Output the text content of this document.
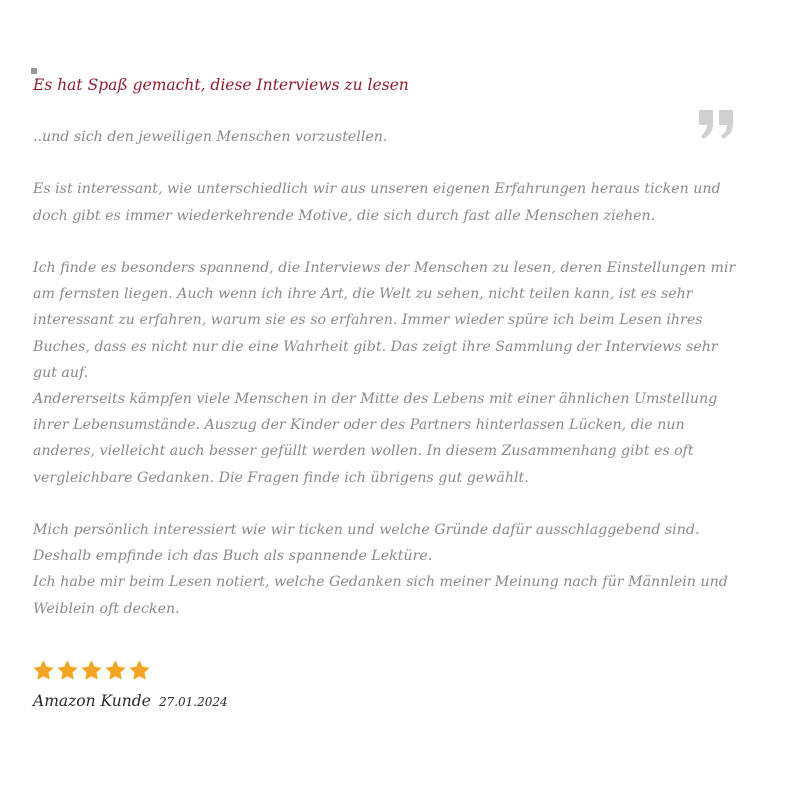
Es hat Spaß gemacht, diese Interviews zu lesen

..und sich den jeweiligen Menschen vorzustellen.

Es ist interessant, wie unterschiedlich wir aus unseren eigenen Erfahrungen heraus ticken und

doch gibt es immer wiederkehrende Motive, die sich durch fast alle Menschen ziehen.

Ich finde es besonders spannend, die Interviews der Menschen zu lesen, deren Einstellungen mir

am fernsten liegen. Auch wenn ich ihre Art, die Welt zu sehen, nicht teilen kann, ist es sehr

interessant zu erfahren, warum sie es so erfahren. Immer wieder spüre ich beim Lesen ihres

Buches, dass es nicht nur die eine Wahrheit gibt. Das zeigt ihre Sammlung der Interviews sehr

gut auf.

Andererseits kämpfen viele Menschen in der Mitte des Lebens mit einer ähnlichen Umstellung

ihrer Lebensumstände. Auszug der Kinder oder des Partners hinterlassen Lücken, die nun

anderes, vielleicht auch besser gefüllt werden wollen. In diesem Zusammenhang gibt es oft

vergleichbare Gedanken. Die Fragen finde ich übrigens gut gewählt.

Mich persönlich interessiert wie wir ticken und welche Gründe dafür ausschlaggebend sind.

Deshalb empfinde ich das Buch als spannende Lektüre.

Ich habe mir beim Lesen notiert, welche Gedanken sich meiner Meinung nach für Männlein und

Weiblein oft decken.

Amazon Kunde 27.01.2024
